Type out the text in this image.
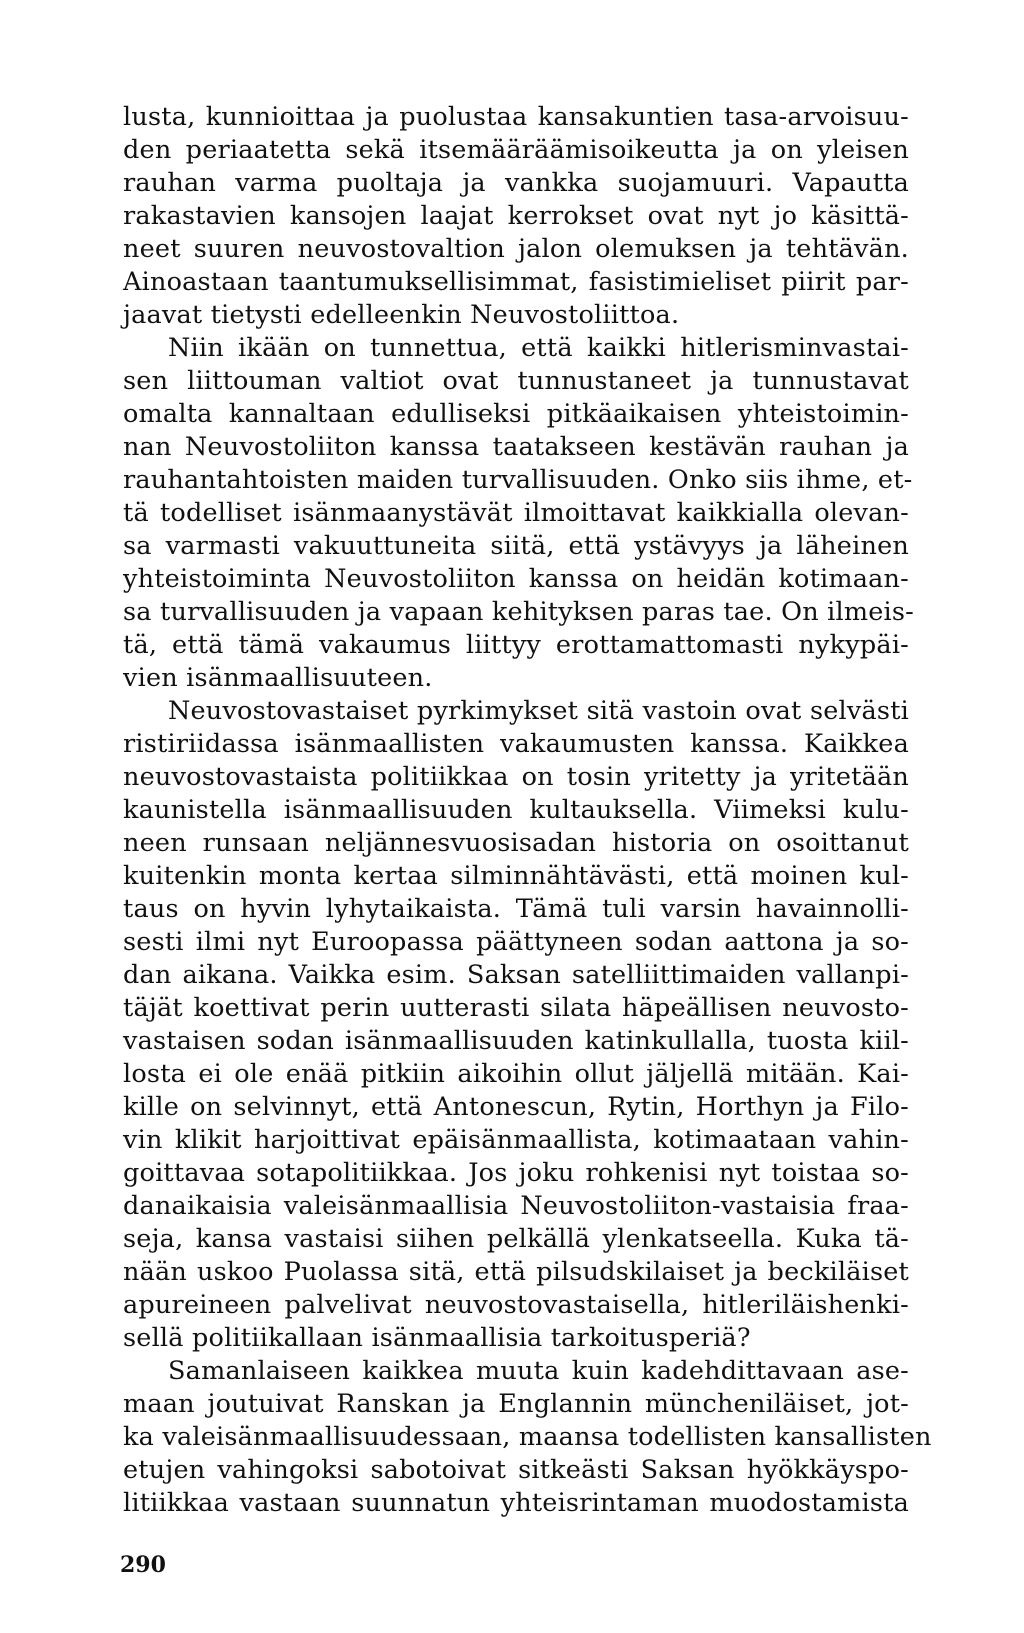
lusta, kunnioittaa ja puolustaa kansakuntien tasa-arvoisuu-
den periaatetta sekä itsemääräämisoikeutta ja on yleisen
rauhan varma puoltaja ja vankka suojamuuri. Vapautta
rakastavien kansojen laajat kerrokset ovat nyt jo käsittä-
neet suuren neuvostovaltion jalon olemuksen ja tehtävän.
Ainoastaan taantumuksellisimmat, fasistimieliset piirit par-
jaavat tietysti edelleenkin Neuvostoliittoa.
Niin ikään on tunnettua, että kaikki hitlerisminvastai-
sen liittouman valtiot ovat tunnustaneet ja tunnustavat
omalta kannaltaan edulliseksi pitkäaikaisen yhteistoimin-
nan Neuvostoliiton kanssa taatakseen kestävän rauhan ja
rauhantahtoisten maiden turvallisuuden. Onko siis ihme, et-
tä todelliset isänmaanystävät ilmoittavat kaikkialla olevan-
sa varmasti vakuuttuneita siitä, että ystävyys ja läheinen
yhteistoiminta Neuvostoliiton kanssa on heidän kotimaan-
sa turvallisuuden ja vapaan kehityksen paras tae. On ilmeis-
tä, että tämä vakaumus liittyy erottamattomasti nykypäi-
vien isänmaallisuuteen.
Neuvostovastaiset pyrkimykset sitä vastoin ovat selvästi
ristiriidassa isänmaallisten vakaumusten kanssa. Kaikkea
neuvostovastaista politiikkaa on tosin yritetty ja yritetään
kaunistella isänmaallisuuden kultauksella. Viimeksi kulu-
neen runsaan neljännesvuosisadan historia on osoittanut
kuitenkin monta kertaa silminnähtävästi, että moinen kul-
taus on hyvin lyhytaikaista. Tämä tuli varsin havainnolli-
sesti ilmi nyt Euroopassa päättyneen sodan aattona ja so-
dan aikana. Vaikka esim. Saksan satelliittimaiden vallanpi-
täjät koettivat perin uutterasti silata häpeällisen neuvosto-
vastaisen sodan isänmaallisuuden katinkullalla, tuosta kiil-
losta ei ole enää pitkiin aikoihin ollut jäljellä mitään. Kai-
kille on selvinnyt, että Antonescun, Rytin, Horthyn ja Filo-
vin klikit harjoittivat epäisänmaallista, kotimaataan vahin-
goittavaa sotapolitiikkaa. Jos joku rohkenisi nyt toistaa so-
danaikaisia valeisänmaallisia Neuvostoliiton-vastaisia fraa-
seja, kansa vastaisi siihen pelkällä ylenkatseella. Kuka tä-
nään uskoo Puolassa sitä, että pilsudskilaiset ja beckiläiset
apureineen palvelivat neuvostovastaisella, hitleriläishenki-
sellä politiikallaan isänmaallisia tarkoitusperiä?
Samanlaiseen kaikkea muuta kuin kadehdittavaan ase-
maan joutuivat Ranskan ja Englannin müncheniläiset, jot-
ka valeisänmaallisuudessaan, maansa todellisten kansallisten
etujen vahingoksi sabotoivat sitkeästi Saksan hyökkäyspo-
litiikkaa vastaan suunnatun yhteisrintaman muodostamista
290
